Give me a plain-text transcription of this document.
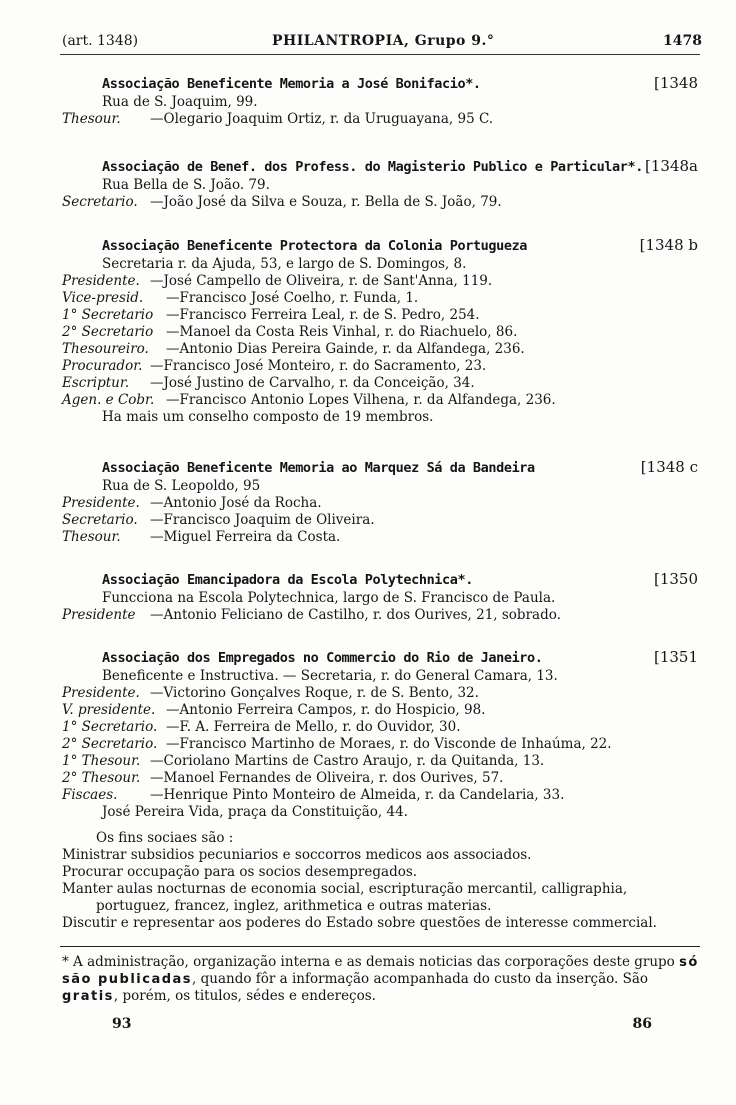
(art. 1348)	PHILANTROPIA, Grupo 9.°	1478
Associação Beneficente Memoria a José Bonifacio*.	[1348
Rua de S. Joaquim, 99.
Thesour. —Olegario Joaquim Ortiz, r. da Uruguayana, 95 C.
Associação de Benef. dos Profess. do Magisterio Publico e Particular*. [1348a
Rua Bella de S. João. 79.
Secretario. —João José da Silva e Souza, r. Bella de S. João, 79.
Associação Beneficente Protectora da Colonia Portugueza	[1348 b
Secretaria r. da Ajuda, 53, e largo de S. Domingos, 8.
Presidente. —José Campello de Oliveira, r. de Sant'Anna, 119.
Vice-presid. —Francisco José Coelho, r. Funda, 1.
1° Secretario —Francisco Ferreira Leal, r. de S. Pedro, 254.
2° Secretario —Manoel da Costa Reis Vinhal, r. do Riachuelo, 86.
Thesoureiro. —Antonio Dias Pereira Gainde, r. da Alfandega, 236.
Procurador. —Francisco José Monteiro, r. do Sacramento, 23.
Escriptur. —José Justino de Carvalho, r. da Conceição, 34.
Agen. e Cobr. —Francisco Antonio Lopes Vilhena, r. da Alfandega, 236.
Ha mais um conselho composto de 19 membros.
Associação Beneficente Memoria ao Marquez Sá da Bandeira	[1348 c
Rua de S. Leopoldo, 95
Presidente. —Antonio José da Rocha.
Secretario. —Francisco Joaquim de Oliveira.
Thesour. —Miguel Ferreira da Costa.
Associação Emancipadora da Escola Polytechnica*.	[1350
Funcciona na Escola Polytechnica, largo de S. Francisco de Paula.
Presidente —Antonio Feliciano de Castilho, r. dos Ourives, 21, sobrado.
Associação dos Empregados no Commercio do Rio de Janeiro.	[1351
Beneficente e Instructiva. — Secretaria, r. do General Camara, 13.
Presidente. —Victorino Gonçalves Roque, r. de S. Bento, 32.
V. presidente. —Antonio Ferreira Campos, r. do Hospicio, 98.
1° Secretario. —F. A. Ferreira de Mello, r. do Ouvidor, 30.
2° Secretario. —Francisco Martinho de Moraes, r. do Visconde de Inhaúma, 22.
1° Thesour. —Coriolano Martins de Castro Araujo, r. da Quitanda, 13.
2° Thesour. —Manoel Fernandes de Oliveira, r. dos Ourives, 57.
Fiscaes. —Henrique Pinto Monteiro de Almeida, r. da Candelaria, 33.
José Pereira Vida, praça da Constituição, 44.
Os fins sociaes são :
Ministrar subsidios pecuniarios e soccorros medicos aos associados.
Procurar occupação para os socios desempregados.
Manter aulas nocturnas de economia social, escripturação mercantil, calligraphia,
portuguez, francez, inglez, arithmetica e outras materias.
Discutir e representar aos poderes do Estado sobre questões de interesse commercial.
* A administração, organização interna e as demais noticias das corporações deste grupo só são publicadas, quando fôr a informação acompanhada do custo da inserção. São gratis, porém, os titulos, sédes e endereços.
93	86
